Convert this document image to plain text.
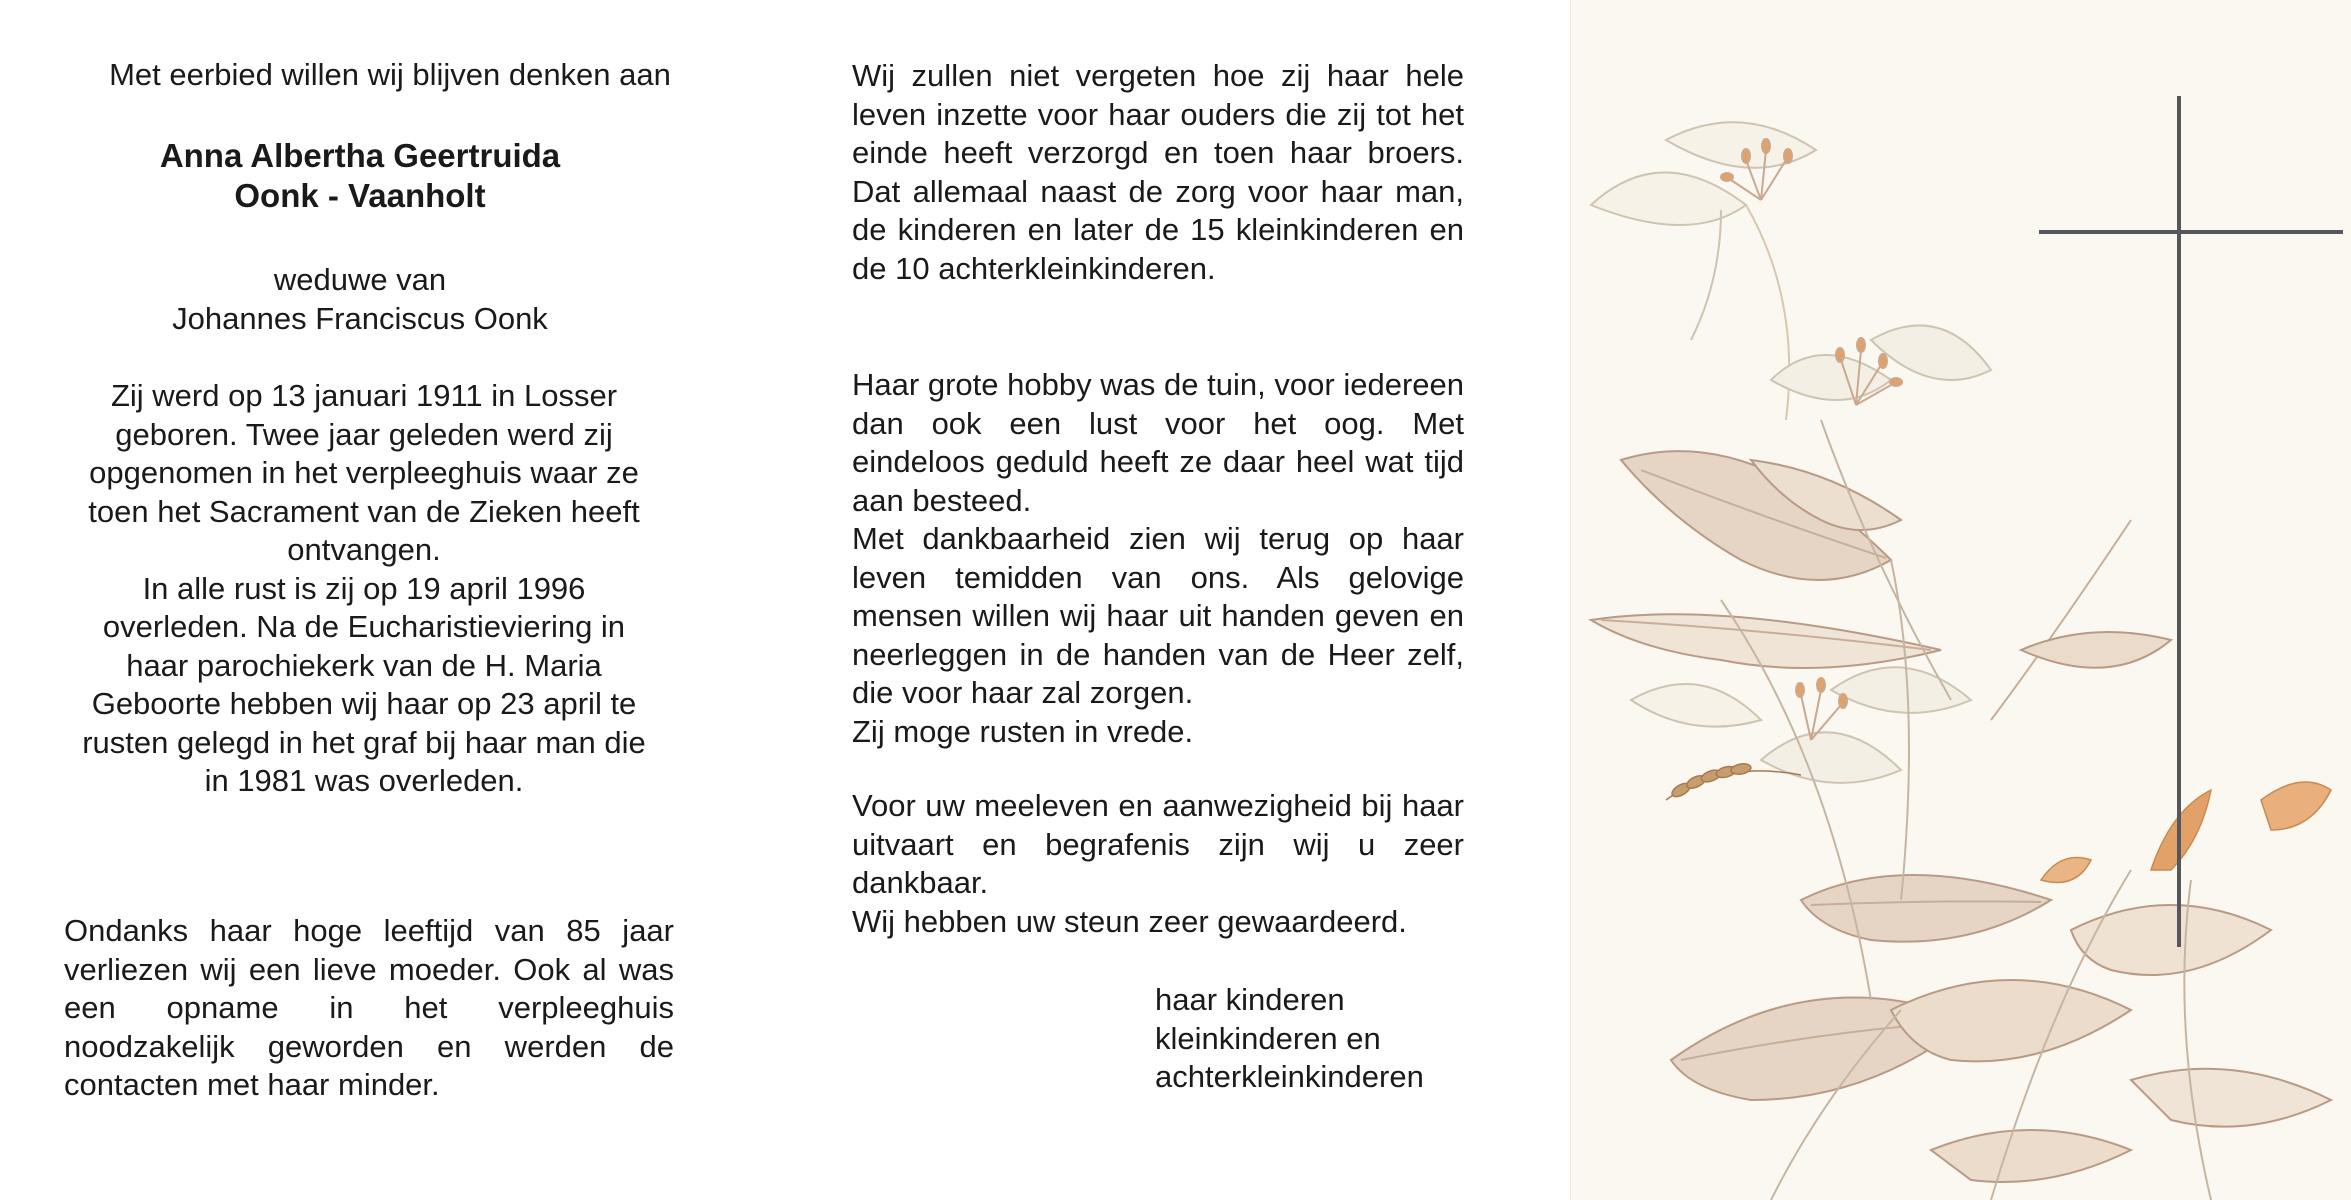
Met eerbied willen wij blijven denken aan

Anna Albertha Geertruida
Oonk - Vaanholt
weduwe van
Johannes Franciscus Oonk
Zij werd op 13 januari 1911 in Losser
geboren. Twee jaar geleden werd zij
opgenomen in het verpleeghuis waar ze
toen het Sacrament van de Zieken heeft
ontvangen.
In alle rust is zij op 19 april 1996
overleden. Na de Eucharistieviering in
haar parochiekerk van de H. Maria
Geboorte hebben wij haar op 23 april te
rusten gelegd in het graf bij haar man die
in 1981 was overleden.

Ondanks haar hoge leeftijd van 85 jaar verliezen wij een lieve moeder. Ook al was een opname in het verpleeghuis noodzakelijk geworden en werden de contacten met haar minder.

Wij zullen niet vergeten hoe zij haar hele leven inzette voor haar ouders die zij tot het einde heeft verzorgd en toen haar broers. Dat allemaal naast de zorg voor haar man, de kinderen en later de 15 kleinkinderen en de 10 achterkleinkinderen.

Haar grote hobby was de tuin, voor iedereen dan ook een lust voor het oog. Met eindeloos geduld heeft ze daar heel wat tijd aan besteed.

Met dankbaarheid zien wij terug op haar leven temidden van ons. Als gelovige mensen willen wij haar uit handen geven en neerleggen in de handen van de Heer zelf, die voor haar zal zorgen.

Zij moge rusten in vrede.

Voor uw meeleven en aanwezigheid bij haar uitvaart en begrafenis zijn wij u zeer dankbaar.

Wij hebben uw steun zeer gewaardeerd.

haar kinderen
kleinkinderen en
achterkleinkinderen
